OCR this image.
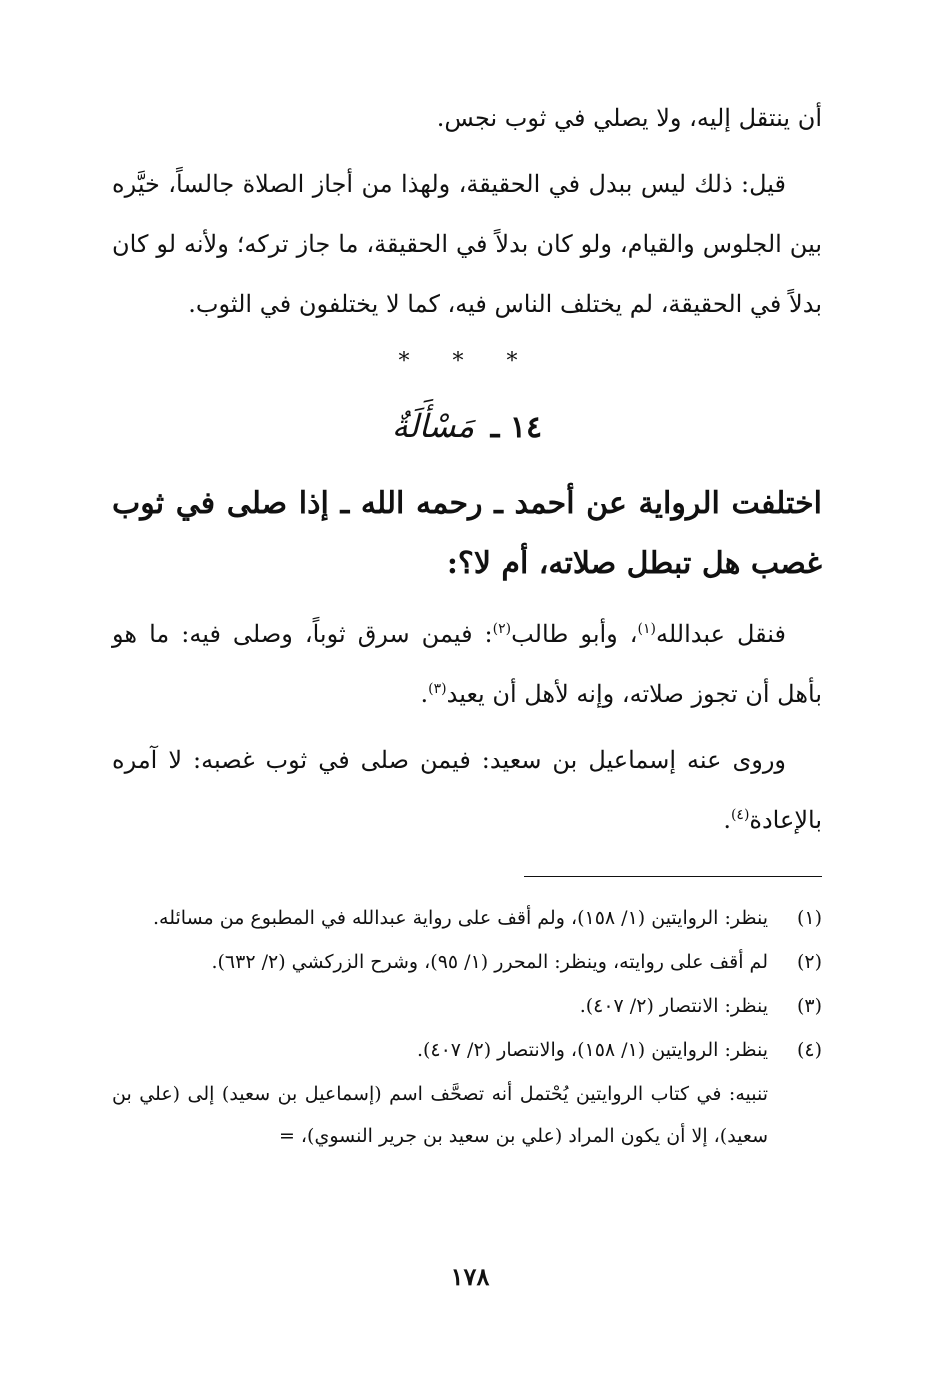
أن ينتقل إليه، ولا يصلي في ثوب نجس.

قيل: ذلك ليس ببدل في الحقيقة، ولهذا من أجاز الصلاة جالساً، خيَّره بين الجلوس والقيام، ولو كان بدلاً في الحقيقة، ما جاز تركه؛ ولأنه لو كان بدلاً في الحقيقة، لم يختلف الناس فيه، كما لا يختلفون في الثوب.

* * *
١٤ ـ مَسْأَلَةٌ

اختلفت الرواية عن أحمد ـ رحمه الله ـ إذا صلى في ثوب غصب هل تبطل صلاته، أم لا؟:

فنقل عبدالله$^{(١)}$، وأبو طالب$^{(٢)}$: فيمن سرق ثوباً، وصلى فيه: ما هو بأهل أن تجوز صلاته، وإنه لأهل أن يعيد$^{(٣)}$.

وروى عنه إسماعيل بن سعيد: فيمن صلى في ثوب غصبه: لا آمره بالإعادة$^{(٤)}$.

(١)
ينظر: الروايتين (١/ ١٥٨)، ولم أقف على رواية عبدالله في المطبوع من مسائله.
(٢)
لم أقف على روايته، وينظر: المحرر (١/ ٩٥)، وشرح الزركشي (٢/ ٦٣٢).
(٣)
ينظر: الانتصار (٢/ ٤٠٧).
(٤)
ينظر: الروايتين (١/ ١٥٨)، والانتصار (٢/ ٤٠٧).
تنبيه: في كتاب الروايتين يُحْتمل أنه تصحَّف اسم (إسماعيل بن سعيد) إلى (علي بن سعيد)، إلا أن يكون المراد (علي بن سعيد بن جرير النسوي)، =
١٧٨
